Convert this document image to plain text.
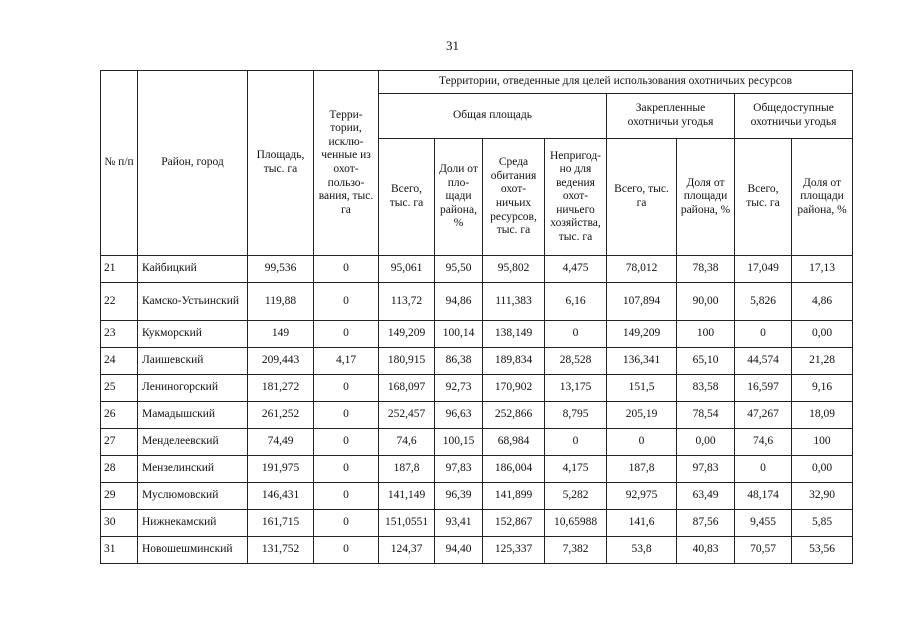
31
№ п/п	Район, город	Площадь, тыс. га	Терри-тории, исклю-ченные из охот-пользо-вания, тыс. га	Территории, отведенные для целей использования охотничьих ресурсов							
				Общая площадь				Закрепленные охотничьи угодья		Общедоступные охотничьи угодья	
				Всего, тыс. га	Доли от пло-щади района, %	Среда обитания охот-ничьих ресурсов, тыс. га	Непригод-но для ведения охот-ничьего хозяйства, тыс. га	Всего, тыс. га	Доля от площади района, %	Всего, тыс. га	Доля от площади района, %
21	Кайбицкий	99,536	0	95,061	95,50	95,802	4,475	78,012	78,38	17,049	17,13
22	Камско-Устьинский	119,88	0	113,72	94,86	111,383	6,16	107,894	90,00	5,826	4,86
23	Кукморский	149	0	149,209	100,14	138,149	0	149,209	100	0	0,00
24	Лаишевский	209,443	4,17	180,915	86,38	189,834	28,528	136,341	65,10	44,574	21,28
25	Лениногорский	181,272	0	168,097	92,73	170,902	13,175	151,5	83,58	16,597	9,16
26	Мамадышский	261,252	0	252,457	96,63	252,866	8,795	205,19	78,54	47,267	18,09
27	Менделеевский	74,49	0	74,6	100,15	68,984	0	0	0,00	74,6	100
28	Мензелинский	191,975	0	187,8	97,83	186,004	4,175	187,8	97,83	0	0,00
29	Муслюмовский	146,431	0	141,149	96,39	141,899	5,282	92,975	63,49	48,174	32,90
30	Нижнекамский	161,715	0	151,0551	93,41	152,867	10,65988	141,6	87,56	9,455	5,85
31	Новошешминский	131,752	0	124,37	94,40	125,337	7,382	53,8	40,83	70,57	53,56
